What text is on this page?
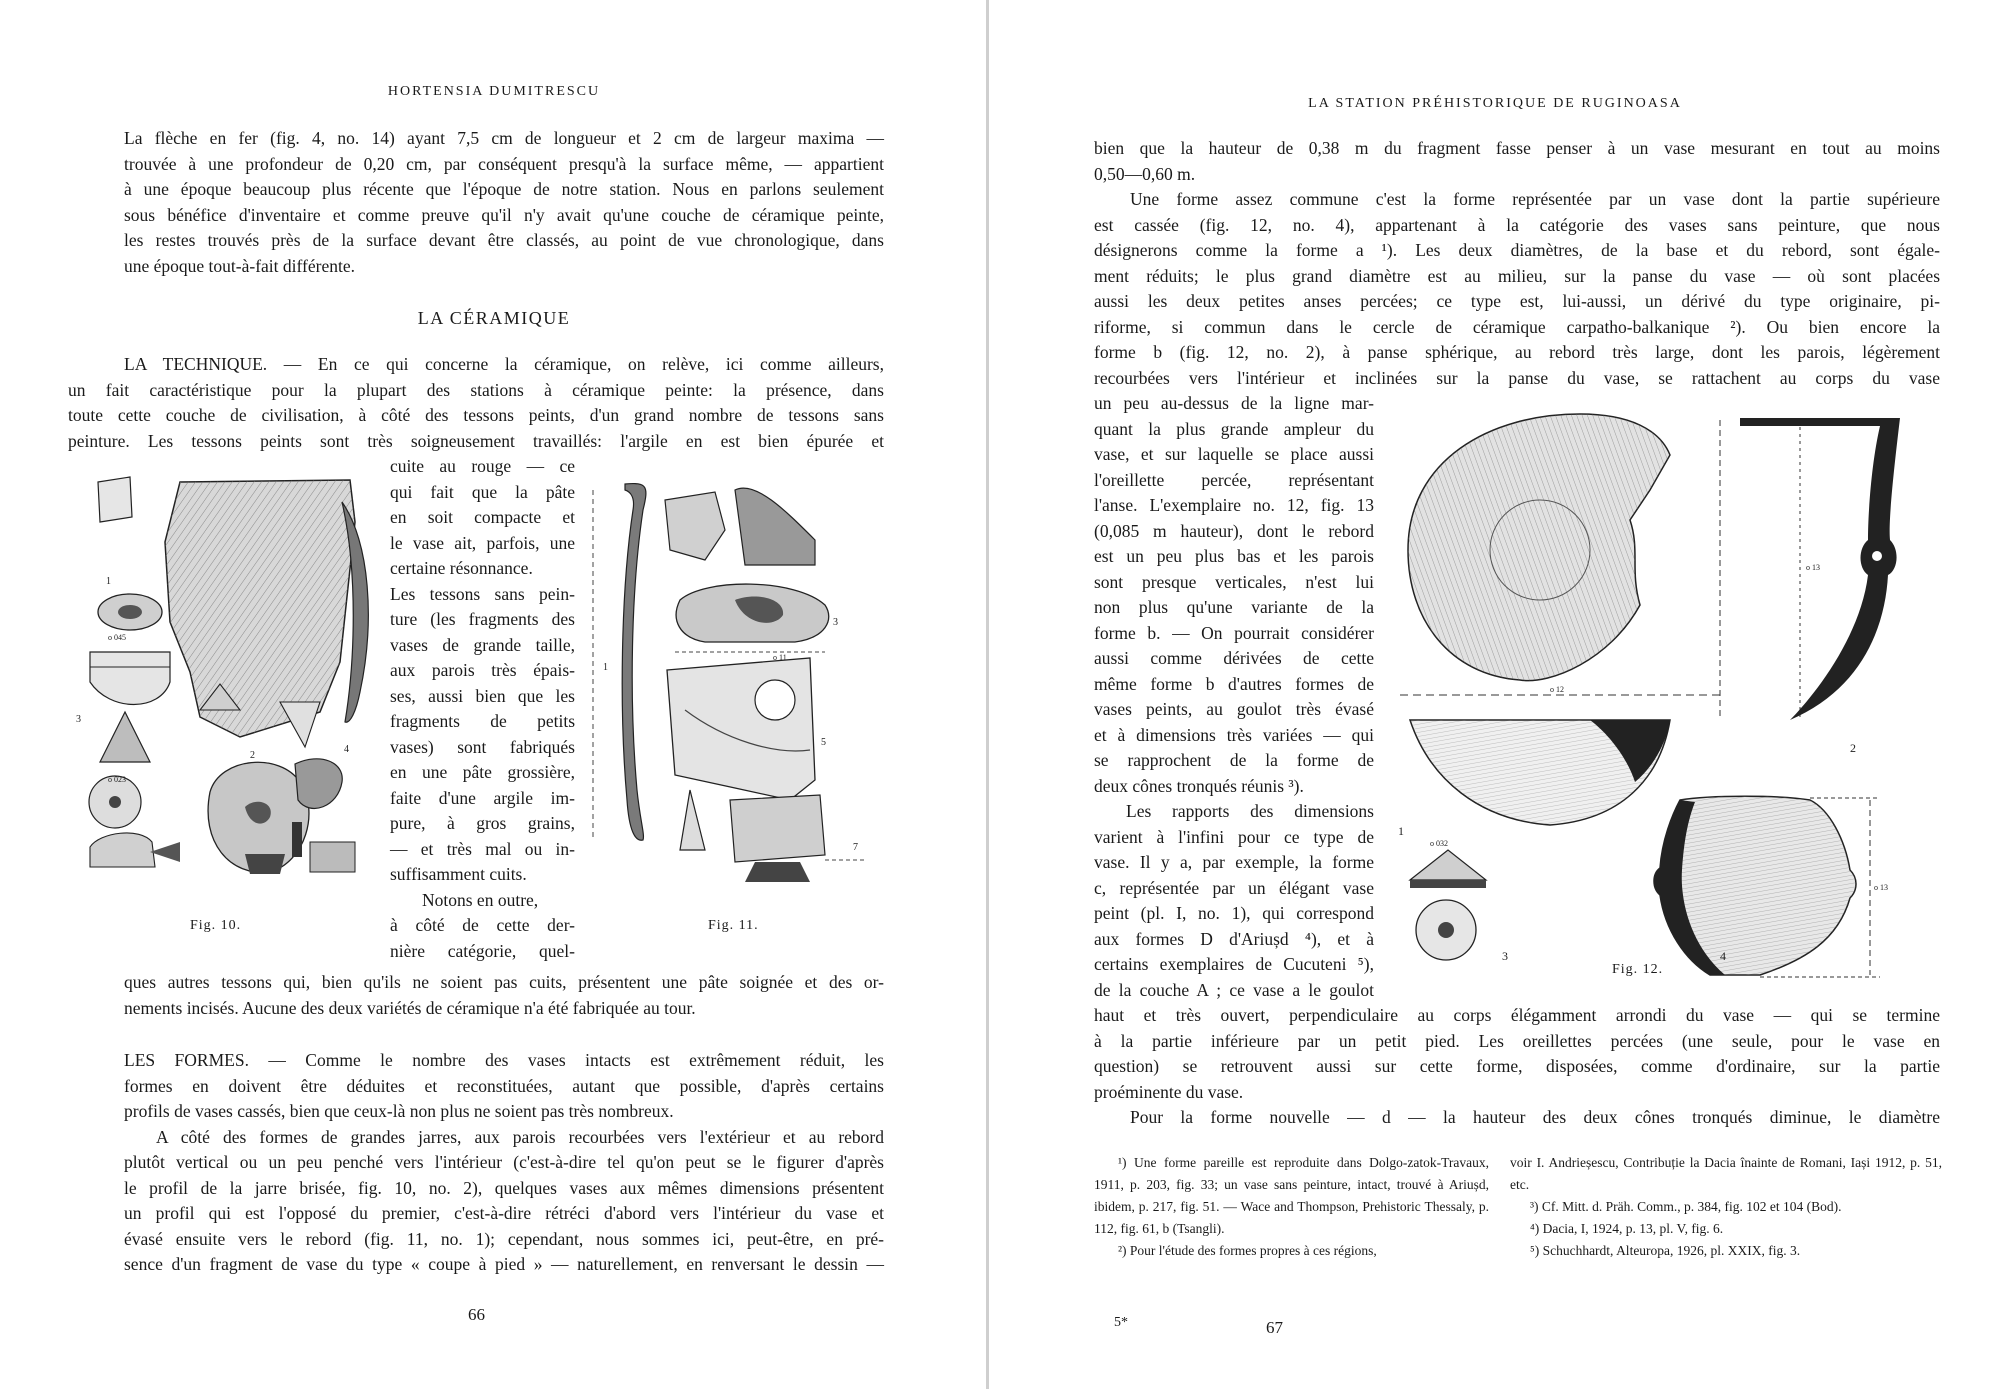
HORTENSIA DUMITRESCU
La flèche en fer (fig. 4, no. 14) ayant 7,5 cm de longueur et 2 cm de largeur maxima —
trouvée à une profondeur de 0,20 cm, par conséquent presqu'à la surface même, — appartient
à une époque beaucoup plus récente que l'époque de notre station. Nous en parlons seulement
sous bénéfice d'inventaire et comme preuve qu'il n'y avait qu'une couche de céramique peinte,
les restes trouvés près de la surface devant être classés, au point de vue chronologique, dans
une époque tout-à-fait différente.
LA CÉRAMIQUE
LA TECHNIQUE. — En ce qui concerne la céramique, on relève, ici comme ailleurs,
un fait caractéristique pour la plupart des stations à céramique peinte: la présence, dans
toute cette couche de civilisation, à côté des tessons peints, d'un grand nombre de tessons sans
peinture. Les tessons peints sont très soigneusement travaillés: l'argile en est bien épurée et
1
2
3
4
o 045
o 023
Fig. 10.
cuite au rouge — ce
qui fait que la pâte
en soit compacte et
le vase ait, parfois, une
certaine résonnance.
Les tessons sans pein-
ture (les fragments des
vases de grande taille,
aux parois très épais-
ses, aussi bien que les
fragments de petits
vases) sont fabriqués
en une pâte grossière,
faite d'une argile im-
pure, à gros grains,
— et très mal ou in-
suffisamment cuits.
Notons en outre,
à côté de cette der-
nière catégorie, quel-
1
3
5
7
o 11
Fig. 11.
ques autres tessons qui, bien qu'ils ne soient pas cuits, présentent une pâte soignée et des or-
nements incisés. Aucune des deux variétés de céramique n'a été fabriquée au tour.
LES FORMES. — Comme le nombre des vases intacts est extrêmement réduit, les
formes en doivent être déduites et reconstituées, autant que possible, d'après certains
profils de vases cassés, bien que ceux-là non plus ne soient pas très nombreux.
A côté des formes de grandes jarres, aux parois recourbées vers l'extérieur et au rebord
plutôt vertical ou un peu penché vers l'intérieur (c'est-à-dire tel qu'on peut se le figurer d'après
le profil de la jarre brisée, fig. 10, no. 2), quelques vases aux mêmes dimensions présentent
un profil qui est l'opposé du premier, c'est-à-dire rétréci d'abord vers l'intérieur du vase et
évasé ensuite vers le rebord (fig. 11, no. 1); cependant, nous sommes ici, peut-être, en pré-
sence d'un fragment de vase du type « coupe à pied » — naturellement, en renversant le dessin —
66
LA STATION PRÉHISTORIQUE DE RUGINOASA
bien que la hauteur de 0,38 m du fragment fasse penser à un vase mesurant en tout au moins
0,50—0,60 m.
Une forme assez commune c'est la forme représentée par un vase dont la partie supérieure
est cassée (fig. 12, no. 4), appartenant à la catégorie des vases sans peinture, que nous
désignerons comme la forme a ¹). Les deux diamètres, de la base et du rebord, sont égale-
ment réduits; le plus grand diamètre est au milieu, sur la panse du vase — où sont placées
aussi les deux petites anses percées; ce type est, lui-aussi, un dérivé du type originaire, pi-
riforme, si commun dans le cercle de céramique carpatho-balkanique ²). Ou bien encore la
forme b (fig. 12, no. 2), à panse sphérique, au rebord très large, dont les parois, légèrement
recourbées vers l'intérieur et inclinées sur la panse du vase, se rattachent au corps du vase
un peu au-dessus de la ligne mar-
quant la plus grande ampleur du
vase, et sur laquelle se place aussi
l'oreillette percée, représentant
l'anse. L'exemplaire no. 12, fig. 13
(0,085 m hauteur), dont le rebord
est un peu plus bas et les parois
sont presque verticales, n'est lui
non plus qu'une variante de la
forme b. — On pourrait considérer
aussi comme dérivées de cette
même forme b d'autres formes de
vases peints, au goulot très évasé
et à dimensions très variées — qui
se rapprochent de la forme de
deux cônes tronqués réunis ³).
Les rapports des dimensions
varient à l'infini pour ce type de
vase. Il y a, par exemple, la forme
c, représentée par un élégant vase
peint (pl. I, no. 1), qui correspond
aux formes D d'Ariușd ⁴), et à
certains exemplaires de Cucuteni ⁵),
de la couche A ; ce vase a le goulot
1
2
3	4
o 12
o 13
o 032
o 13
Fig. 12.
haut et très ouvert, perpendiculaire au corps élégamment arrondi du vase — qui se termine
à la partie inférieure par un petit pied. Les oreillettes percées (une seule, pour le vase en
question) se retrouvent aussi sur cette forme, disposées, comme d'ordinaire, sur la partie
proéminente du vase.
Pour la forme nouvelle — d — la hauteur des deux cônes tronqués diminue, le diamètre
¹) Une forme pareille est reproduite dans Dolgo-zatok-Travaux, 1911, p. 203, fig. 33; un vase sans peinture, intact, trouvé à Ariușd, ibidem, p. 217, fig. 51. — Wace and Thompson, Prehistoric Thessaly, p. 112, fig. 61, b (Tsangli).
²) Pour l'étude des formes propres à ces régions,
voir I. Andrieșescu, Contribuție la Dacia înainte de Romani, Iași 1912, p. 51, etc.
³) Cf. Mitt. d. Präh. Comm., p. 384, fig. 102 et 104 (Bod).
⁴) Dacia, I, 1924, p. 13, pl. V, fig. 6.
⁵) Schuchhardt, Alteuropa, 1926, pl. XXIX, fig. 3.
5*	67
